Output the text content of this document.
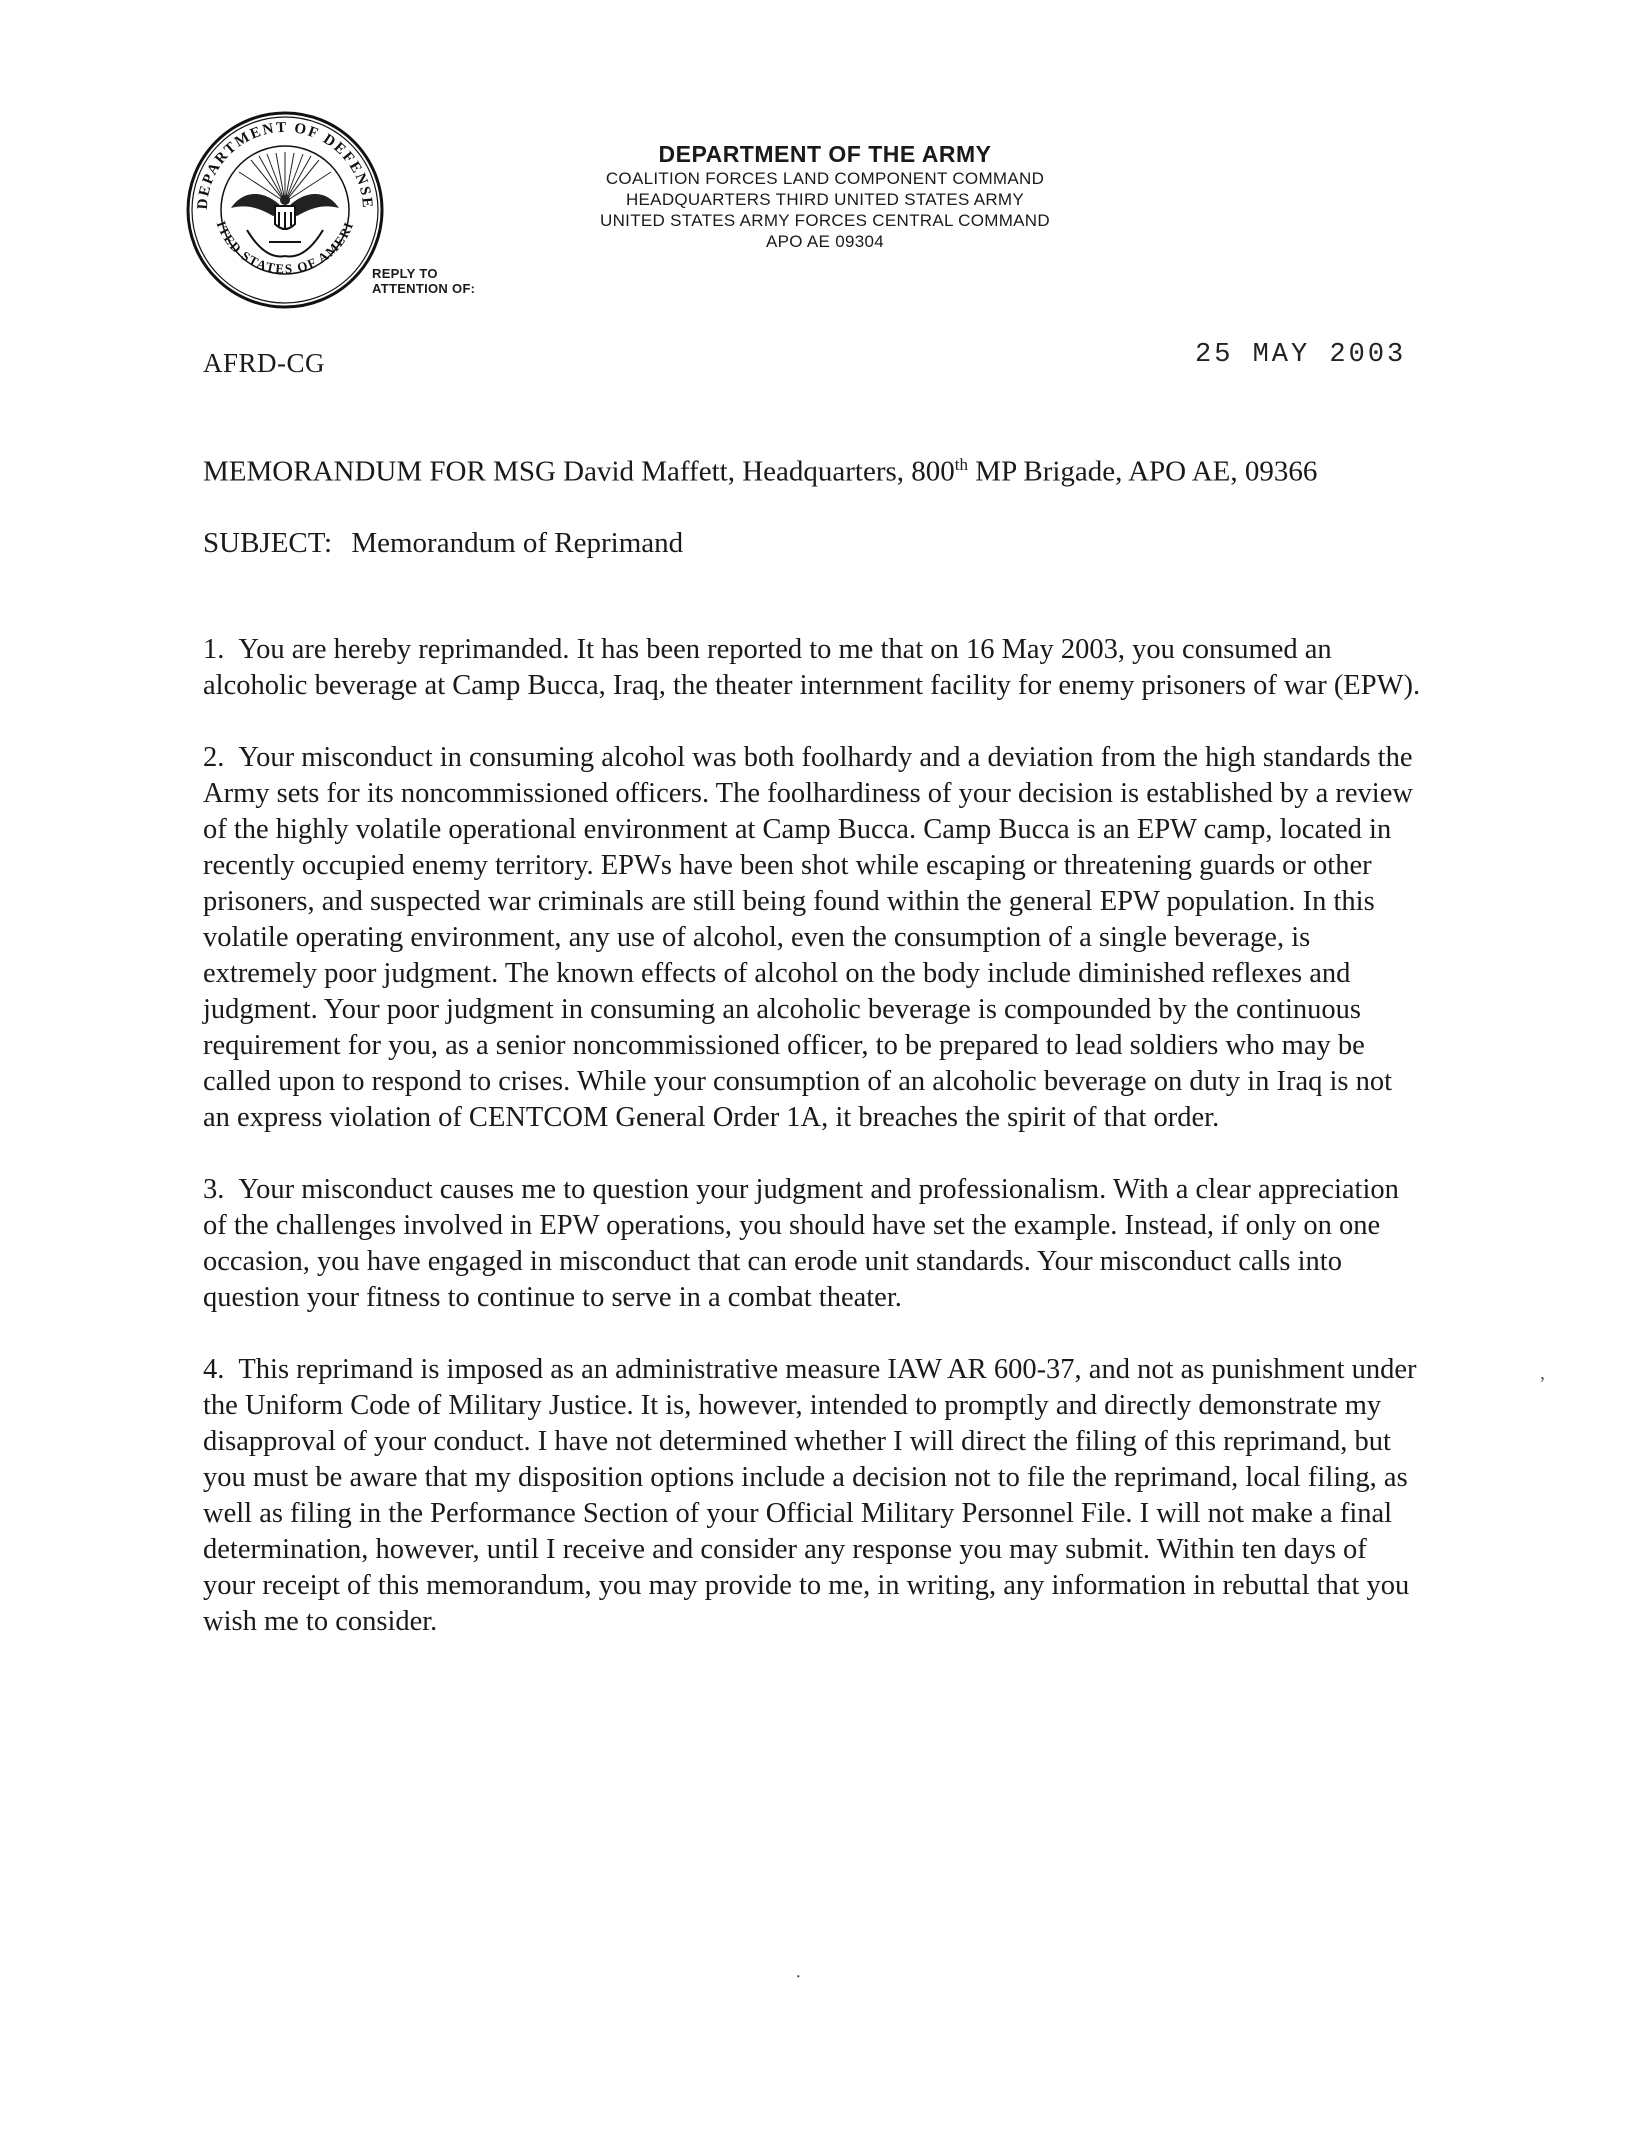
DEPARTMENT OF DEFENSE
ITED STATES OF AMERI
DEPARTMENT OF THE ARMY
COALITION FORCES LAND COMPONENT COMMAND
HEADQUARTERS THIRD UNITED STATES ARMY
UNITED STATES ARMY FORCES CENTRAL COMMAND
APO AE 09304
REPLY TO
ATTENTION OF:
AFRD-CG	25 MAY 2003
MEMORANDUM FOR MSG David Maffett, Headquarters, 800th MP Brigade, APO AE, 09366
SUBJECT: Memorandum of Reprimand

1. You are hereby reprimanded. It has been reported to me that on 16 May 2003, you consumed an alcoholic beverage at Camp Bucca, Iraq, the theater internment facility for enemy prisoners of war (EPW).

2. Your misconduct in consuming alcohol was both foolhardy and a deviation from the high standards the Army sets for its noncommissioned officers. The foolhardiness of your decision is established by a review of the highly volatile operational environment at Camp Bucca. Camp Bucca is an EPW camp, located in recently occupied enemy territory. EPWs have been shot while escaping or threatening guards or other prisoners, and suspected war criminals are still being found within the general EPW population. In this volatile operating environment, any use of alcohol, even the consumption of a single beverage, is extremely poor judgment. The known effects of alcohol on the body include diminished reflexes and judgment. Your poor judgment in consuming an alcoholic beverage is compounded by the continuous requirement for you, as a senior noncommissioned officer, to be prepared to lead soldiers who may be called upon to respond to crises. While your consumption of an alcoholic beverage on duty in Iraq is not an express violation of CENTCOM General Order 1A, it breaches the spirit of that order.

3. Your misconduct causes me to question your judgment and professionalism. With a clear appreciation of the challenges involved in EPW operations, you should have set the example. Instead, if only on one occasion, you have engaged in misconduct that can erode unit standards. Your misconduct calls into question your fitness to continue to serve in a combat theater.

4. This reprimand is imposed as an administrative measure IAW AR 600-37, and not as punishment under the Uniform Code of Military Justice. It is, however, intended to promptly and directly demonstrate my disapproval of your conduct. I have not determined whether I will direct the filing of this reprimand, but you must be aware that my disposition options include a decision not to file the reprimand, local filing, as well as filing in the Performance Section of your Official Military Personnel File. I will not make a final determination, however, until I receive and consider any response you may submit. Within ten days of your receipt of this memorandum, you may provide to me, in writing, any information in rebuttal that you wish me to consider.

,
·
